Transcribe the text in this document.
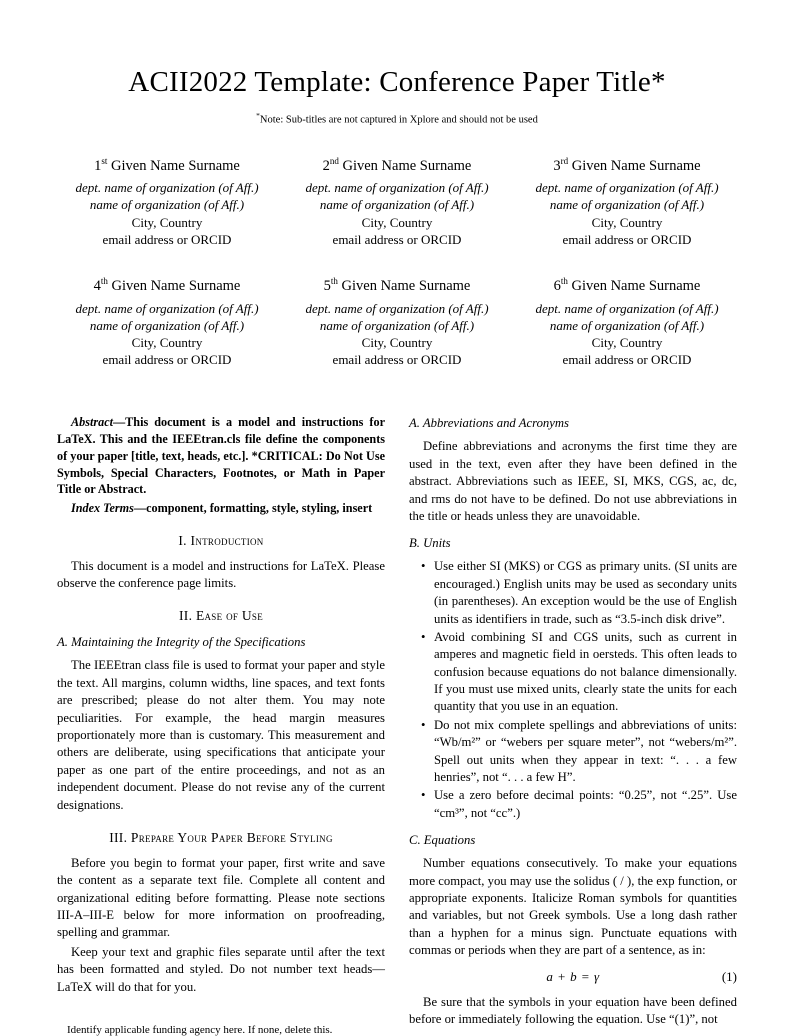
ACII2022 Template: Conference Paper Title*
*Note: Sub-titles are not captured in Xplore and should not be used
1st Given Name Surname
dept. name of organization (of Aff.)
name of organization (of Aff.)
City, Country
email address or ORCID
2nd Given Name Surname
dept. name of organization (of Aff.)
name of organization (of Aff.)
City, Country
email address or ORCID
3rd Given Name Surname
dept. name of organization (of Aff.)
name of organization (of Aff.)
City, Country
email address or ORCID
4th Given Name Surname
dept. name of organization (of Aff.)
name of organization (of Aff.)
City, Country
email address or ORCID
5th Given Name Surname
dept. name of organization (of Aff.)
name of organization (of Aff.)
City, Country
email address or ORCID
6th Given Name Surname
dept. name of organization (of Aff.)
name of organization (of Aff.)
City, Country
email address or ORCID

Abstract—This document is a model and instructions for LaTeX. This and the IEEEtran.cls file define the components of your paper [title, text, heads, etc.]. *CRITICAL: Do Not Use Symbols, Special Characters, Footnotes, or Math in Paper Title or Abstract.

Index Terms—component, formatting, style, styling, insert

I. Introduction

This document is a model and instructions for LaTeX. Please observe the conference page limits.

II. Ease of Use
A. Maintaining the Integrity of the Specifications

The IEEEtran class file is used to format your paper and style the text. All margins, column widths, line spaces, and text fonts are prescribed; please do not alter them. You may note peculiarities. For example, the head margin measures proportionately more than is customary. This measurement and others are deliberate, using specifications that anticipate your paper as one part of the entire proceedings, and not as an independent document. Please do not revise any of the current designations.

III. Prepare Your Paper Before Styling

Before you begin to format your paper, first write and save the content as a separate text file. Complete all content and organizational editing before formatting. Please note sections III-A–III-E below for more information on proofreading, spelling and grammar.

Keep your text and graphic files separate until after the text has been formatted and styled. Do not number text heads—LaTeX will do that for you.

Identify applicable funding agency here. If none, delete this.
A. Abbreviations and Acronyms

Define abbreviations and acronyms the first time they are used in the text, even after they have been defined in the abstract. Abbreviations such as IEEE, SI, MKS, CGS, ac, dc, and rms do not have to be defined. Do not use abbreviations in the title or heads unless they are unavoidable.

B. Units
• Use either SI (MKS) or CGS as primary units. (SI units are encouraged.) English units may be used as secondary units (in parentheses). An exception would be the use of English units as identifiers in trade, such as “3.5-inch disk drive”.
• Avoid combining SI and CGS units, such as current in amperes and magnetic field in oersteds. This often leads to confusion because equations do not balance dimensionally. If you must use mixed units, clearly state the units for each quantity that you use in an equation.
• Do not mix complete spellings and abbreviations of units: “Wb/m²” or “webers per square meter”, not “webers/m²”. Spell out units when they appear in text: “. . . a few henries”, not “. . . a few H”.
• Use a zero before decimal points: “0.25”, not “.25”. Use “cm³”, not “cc”.)
C. Equations

Number equations consecutively. To make your equations more compact, you may use the solidus ( / ), the exp function, or appropriate exponents. Italicize Roman symbols for quantities and variables, but not Greek symbols. Use a long dash rather than a hyphen for a minus sign. Punctuate equations with commas or periods when they are part of a sentence, as in:

a + b = γ	(1)

Be sure that the symbols in your equation have been defined before or immediately following the equation. Use “(1)”, not
